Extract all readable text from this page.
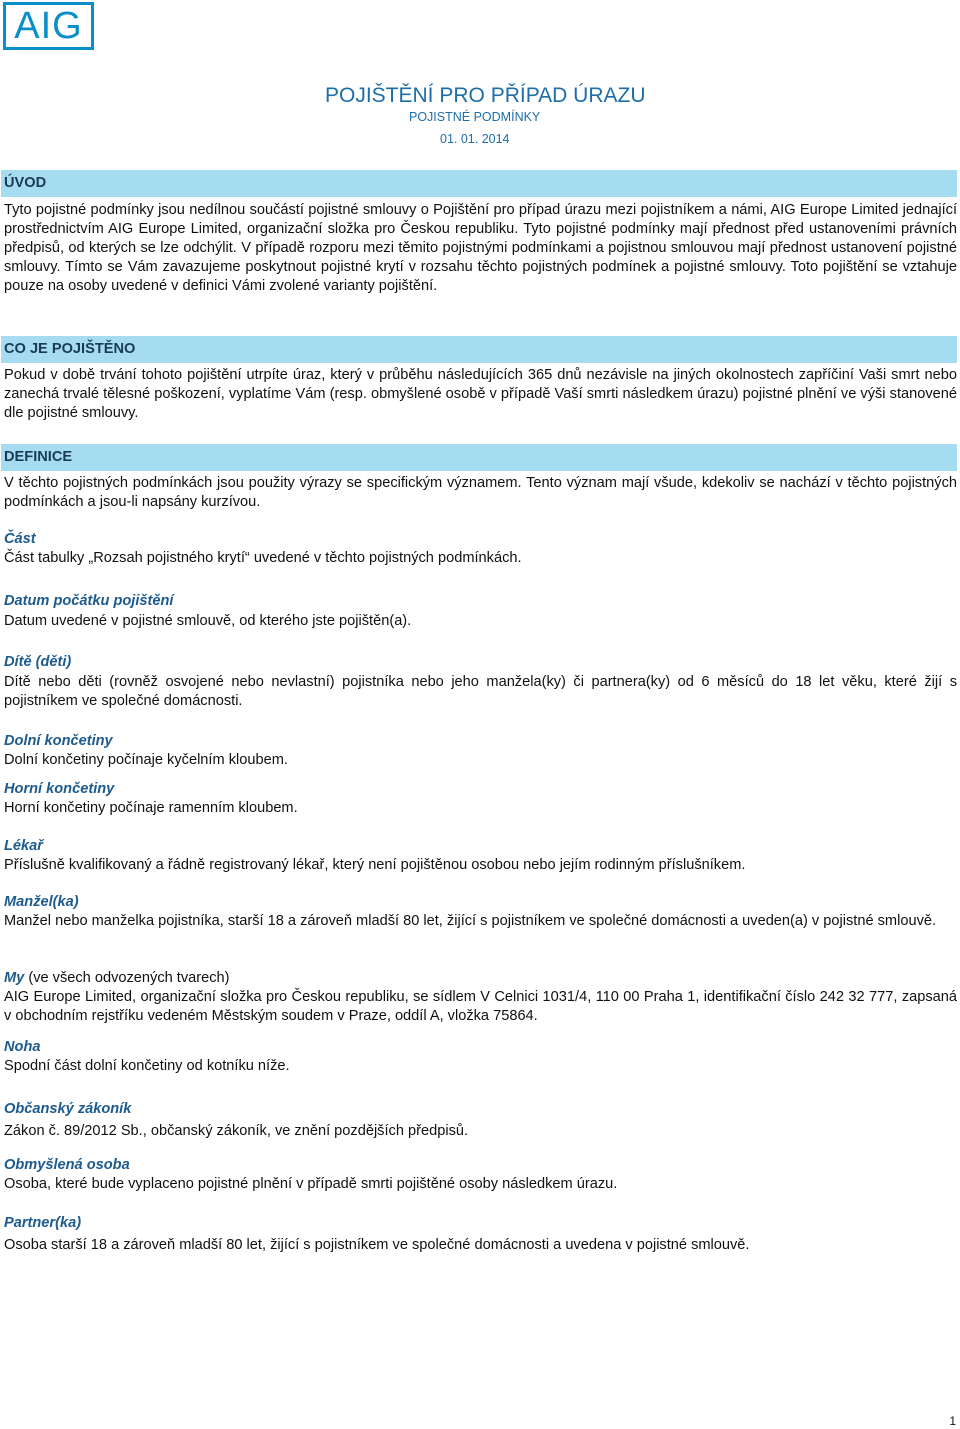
AIG
POJIŠTĚNÍ PRO PŘÍPAD ÚRAZU
POJISTNÉ PODMÍNKY
01. 01. 2014
ÚVOD
Tyto pojistné podmínky jsou nedílnou součástí pojistné smlouvy o Pojištění pro případ úrazu mezi pojistníkem a námi, AIG Europe Limited jednající prostřednictvím AIG Europe Limited, organizační složka pro Českou republiku. Tyto pojistné podmínky mají přednost před ustanoveními právních předpisů, od kterých se lze odchýlit. V případě rozporu mezi těmito pojistnými podmínkami a pojistnou smlouvou mají přednost ustanovení pojistné smlouvy. Tímto se Vám zavazujeme poskytnout pojistné krytí v rozsahu těchto pojistných podmínek a pojistné smlouvy. Toto pojištění se vztahuje pouze na osoby uvedené v definici Vámi zvolené varianty pojištění.
CO JE POJIŠTĚNO
Pokud v době trvání tohoto pojištění utrpíte úraz, který v průběhu následujících 365 dnů nezávisle na jiných okolnostech zapříčiní Vaši smrt nebo zanechá trvalé tělesné poškození, vyplatíme Vám (resp. obmyšlené osobě v případě Vaší smrti následkem úrazu) pojistné plnění ve výši stanovené dle pojistné smlouvy.
DEFINICE
V těchto pojistných podmínkách jsou použity výrazy se specifickým významem. Tento význam mají všude, kdekoliv se nachází v těchto pojistných podmínkách a jsou-li napsány kurzívou.
Část
Část tabulky „Rozsah pojistného krytí“ uvedené v těchto pojistných podmínkách.
Datum počátku pojištění
Datum uvedené v pojistné smlouvě, od kterého jste pojištěn(a).
Dítě (děti)
Dítě nebo děti (rovněž osvojené nebo nevlastní) pojistníka nebo jeho manžela(ky) či partnera(ky) od 6 měsíců do 18 let věku, které žijí s pojistníkem ve společné domácnosti.
Dolní končetiny
Dolní končetiny počínaje kyčelním kloubem.
Horní končetiny
Horní končetiny počínaje ramenním kloubem.
Lékař
Příslušně kvalifikovaný a řádně registrovaný lékař, který není pojištěnou osobou nebo jejím rodinným příslušníkem.
Manžel(ka)
Manžel nebo manželka pojistníka, starší 18 a zároveň mladší 80 let, žijící s pojistníkem ve společné domácnosti a uveden(a) v pojistné smlouvě.
My (ve všech odvozených tvarech)
AIG Europe Limited, organizační složka pro Českou republiku, se sídlem V Celnici 1031/4, 110 00 Praha 1, identifikační číslo 242 32 777, zapsaná v obchodním rejstříku vedeném Městským soudem v Praze, oddíl A, vložka 75864.
Noha
Spodní část dolní končetiny od kotníku níže.
Občanský zákoník
Zákon č. 89/2012 Sb., občanský zákoník, ve znění pozdějších předpisů.
Obmyšlená osoba
Osoba, které bude vyplaceno pojistné plnění v případě smrti pojištěné osoby následkem úrazu.
Partner(ka)
Osoba starší 18 a zároveň mladší 80 let, žijící s pojistníkem ve společné domácnosti a uvedena v pojistné smlouvě.
1
